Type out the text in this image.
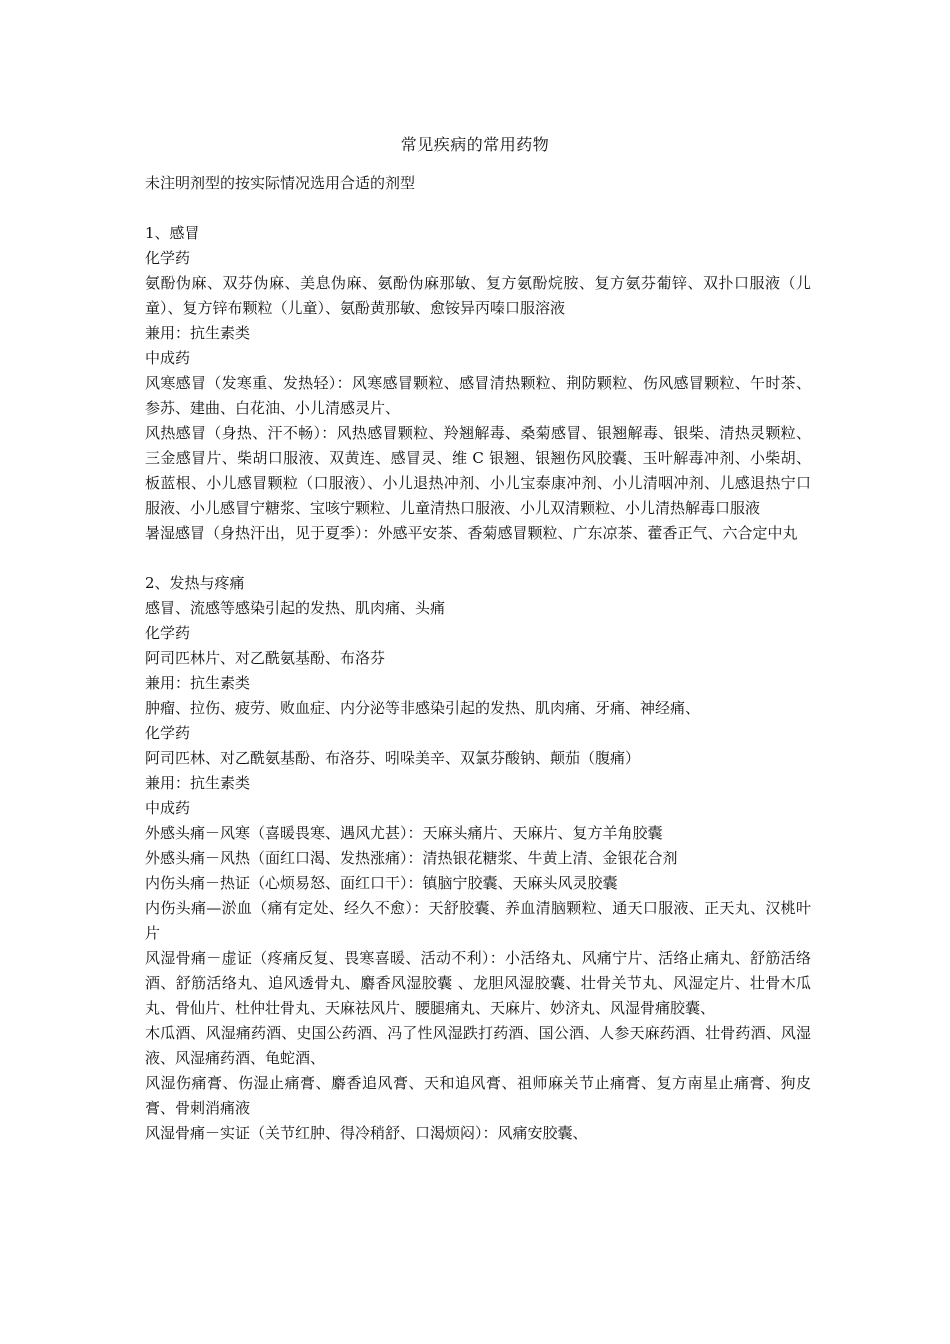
常见疾病的常用药物

未注明剂型的按实际情况选用合适的剂型

1、感冒

化学药

氨酚伪麻、双芬伪麻、美息伪麻、氨酚伪麻那敏、复方氨酚烷胺、复方氨芬葡锌、双扑口服液（儿童）、复方锌布颗粒（儿童）、氨酚黄那敏、愈铵异丙嗪口服溶液

兼用：抗生素类

中成药

风寒感冒（发寒重、发热轻）：风寒感冒颗粒、感冒清热颗粒、荆防颗粒、伤风感冒颗粒、午时茶、参苏、建曲、白花油、小儿清感灵片、

风热感冒（身热、汗不畅）：风热感冒颗粒、羚翘解毒、桑菊感冒、银翘解毒、银柴、清热灵颗粒、三金感冒片、柴胡口服液、双黄连、感冒灵、维 C 银翘、银翘伤风胶囊、玉叶解毒冲剂、小柴胡、板蓝根、小儿感冒颗粒（口服液）、小儿退热冲剂、小儿宝泰康冲剂、小儿清咽冲剂、儿感退热宁口服液、小儿感冒宁糖浆、宝咳宁颗粒、儿童清热口服液、小儿双清颗粒、小儿清热解毒口服液

暑湿感冒（身热汗出，见于夏季）：外感平安茶、香菊感冒颗粒、广东凉茶、藿香正气、六合定中丸

2、发热与疼痛

感冒、流感等感染引起的发热、肌肉痛、头痛

化学药

阿司匹林片、对乙酰氨基酚、布洛芬

兼用：抗生素类

肿瘤、拉伤、疲劳、败血症、内分泌等非感染引起的发热、肌肉痛、牙痛、神经痛、

化学药

阿司匹林、对乙酰氨基酚、布洛芬、吲哚美辛、双氯芬酸钠、颠茄（腹痛）

兼用：抗生素类

中成药

外感头痛－风寒（喜暖畏寒、遇风尤甚）：天麻头痛片、天麻片、复方羊角胶囊

外感头痛－风热（面红口渴、发热涨痛）：清热银花糖浆、牛黄上清、金银花合剂

内伤头痛－热证（心烦易怒、面红口干）：镇脑宁胶囊、天麻头风灵胶囊

内伤头痛—淤血（痛有定处、经久不愈）：天舒胶囊、养血清脑颗粒、通天口服液、正天丸、汉桃叶片

风湿骨痛－虚证（疼痛反复、畏寒喜暖、活动不利）：小活络丸、风痛宁片、活络止痛丸、舒筋活络酒、舒筋活络丸、追风透骨丸、麝香风湿胶囊 、龙胆风湿胶囊、壮骨关节丸、风湿定片、壮骨木瓜丸、骨仙片、杜仲壮骨丸、天麻祛风片、腰腿痛丸、天麻片、妙济丸、风湿骨痛胶囊、

木瓜酒、风湿痛药酒、史国公药酒、冯了性风湿跌打药酒、国公酒、人参天麻药酒、壮骨药酒、风湿液、风湿痛药酒、龟蛇酒、

风湿伤痛膏、伤湿止痛膏、麝香追风膏、天和追风膏、祖师麻关节止痛膏、复方南星止痛膏、狗皮膏、骨刺消痛液

风湿骨痛－实证（关节红肿、得冷稍舒、口渴烦闷）：风痛安胶囊、
